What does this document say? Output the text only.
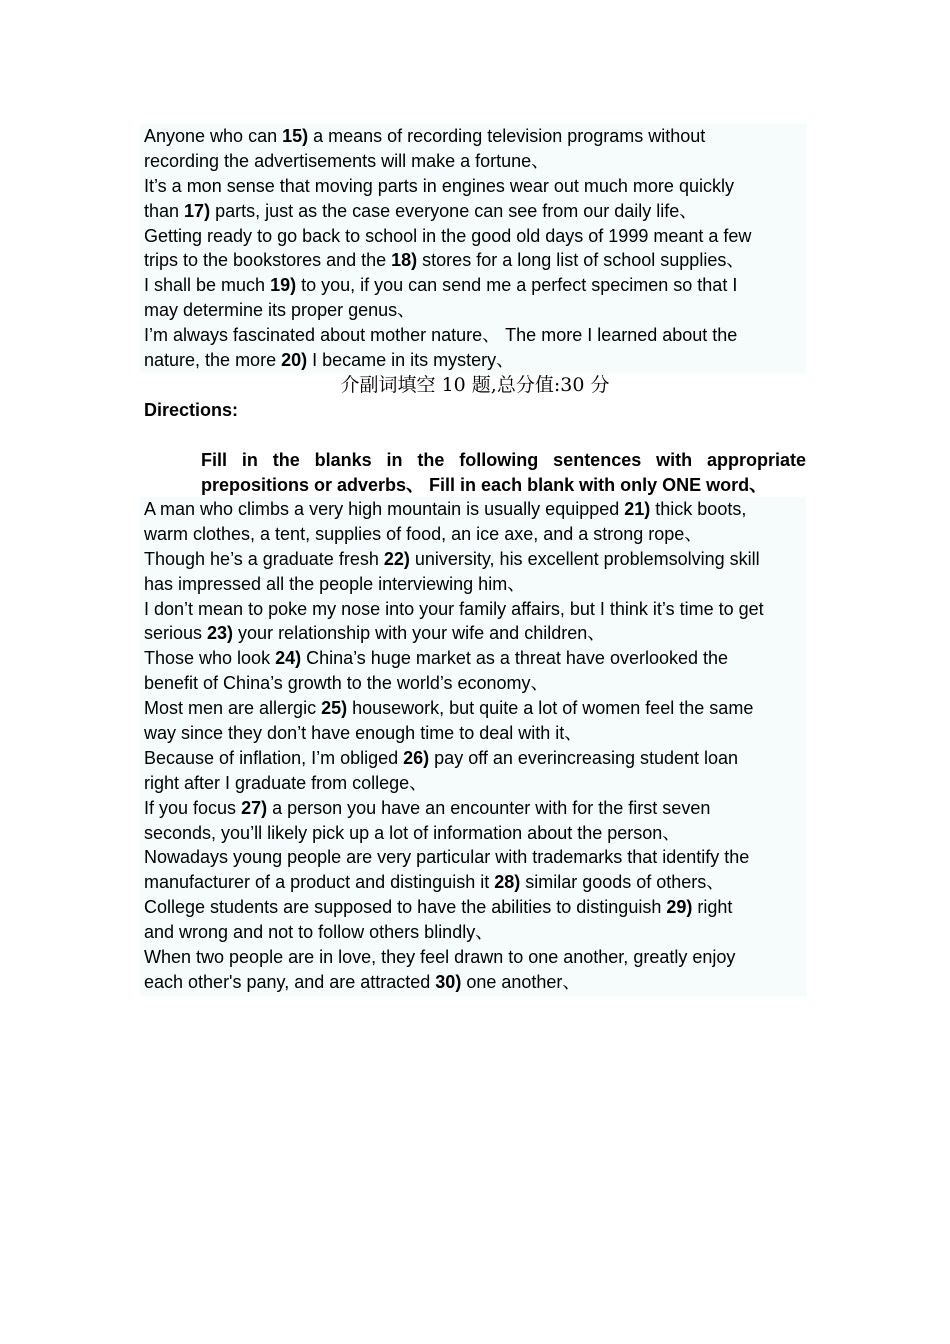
Anyone who can 15) a means of recording television programs without
recording the advertisements will make a fortune、
It’s a mon sense that moving parts in engines wear out much more quickly
than 17) parts, just as the case everyone can see from our daily life、
Getting ready to go back to school in the good old days of 1999 meant a few
trips to the bookstores and the 18) stores for a long list of school supplies、
I shall be much 19) to you, if you can send me a perfect specimen so that I
may determine its proper genus、
I’m always fascinated about mother nature、 The more I learned about the
nature, the more 20) I became in its mystery、
介副词填空 10 题,总分值:30 分
Directions:
Fill in the blanks in the following sentences with appropriate
prepositions or adverbs、 Fill in each blank with only ONE word、
A man who climbs a very high mountain is usually equipped 21) thick boots,
warm clothes, a tent, supplies of food, an ice axe, and a strong rope、
Though he’s a graduate fresh 22) university, his excellent problemsolving skill
has impressed all the people interviewing him、
I don’t mean to poke my nose into your family affairs, but I think it’s time to get
serious 23) your relationship with your wife and children、
Those who look 24) China’s huge market as a threat have overlooked the
benefit of China’s growth to the world’s economy、
Most men are allergic 25) housework, but quite a lot of women feel the same
way since they don’t have enough time to deal with it、
Because of inflation, I’m obliged 26) pay off an everincreasing student loan
right after I graduate from college、
If you focus 27) a person you have an encounter with for the first seven
seconds, you’ll likely pick up a lot of information about the person、
Nowadays young people are very particular with trademarks that identify the
manufacturer of a product and distinguish it 28) similar goods of others、
College students are supposed to have the abilities to distinguish 29) right
and wrong and not to follow others blindly、
When two people are in love, they feel drawn to one another, greatly enjoy
each other's pany, and are attracted 30) one another、
